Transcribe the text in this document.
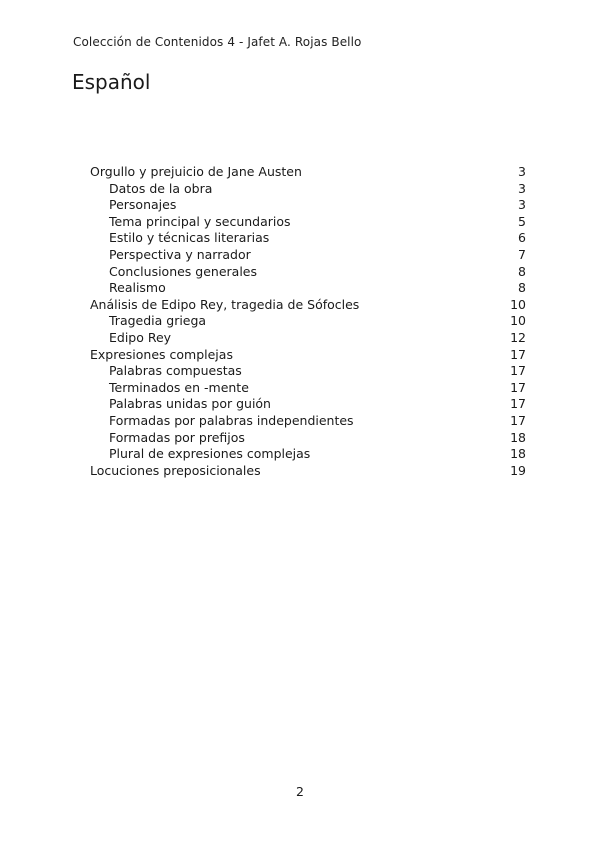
Colección de Contenidos 4 - Jafet A. Rojas Bello
Español
Orgullo y prejuicio de Jane Austen	3
Datos de la obra	3
Personajes	3
Tema principal y secundarios	5
Estilo y técnicas literarias	6
Perspectiva y narrador	7
Conclusiones generales	8
Realismo	8
Análisis de Edipo Rey, tragedia de Sófocles	10
Tragedia griega	10
Edipo Rey	12
Expresiones complejas	17
Palabras compuestas	17
Terminados en -mente	17
Palabras unidas por guión	17
Formadas por palabras independientes	17
Formadas por prefijos	18
Plural de expresiones complejas	18
Locuciones preposicionales	19
2
